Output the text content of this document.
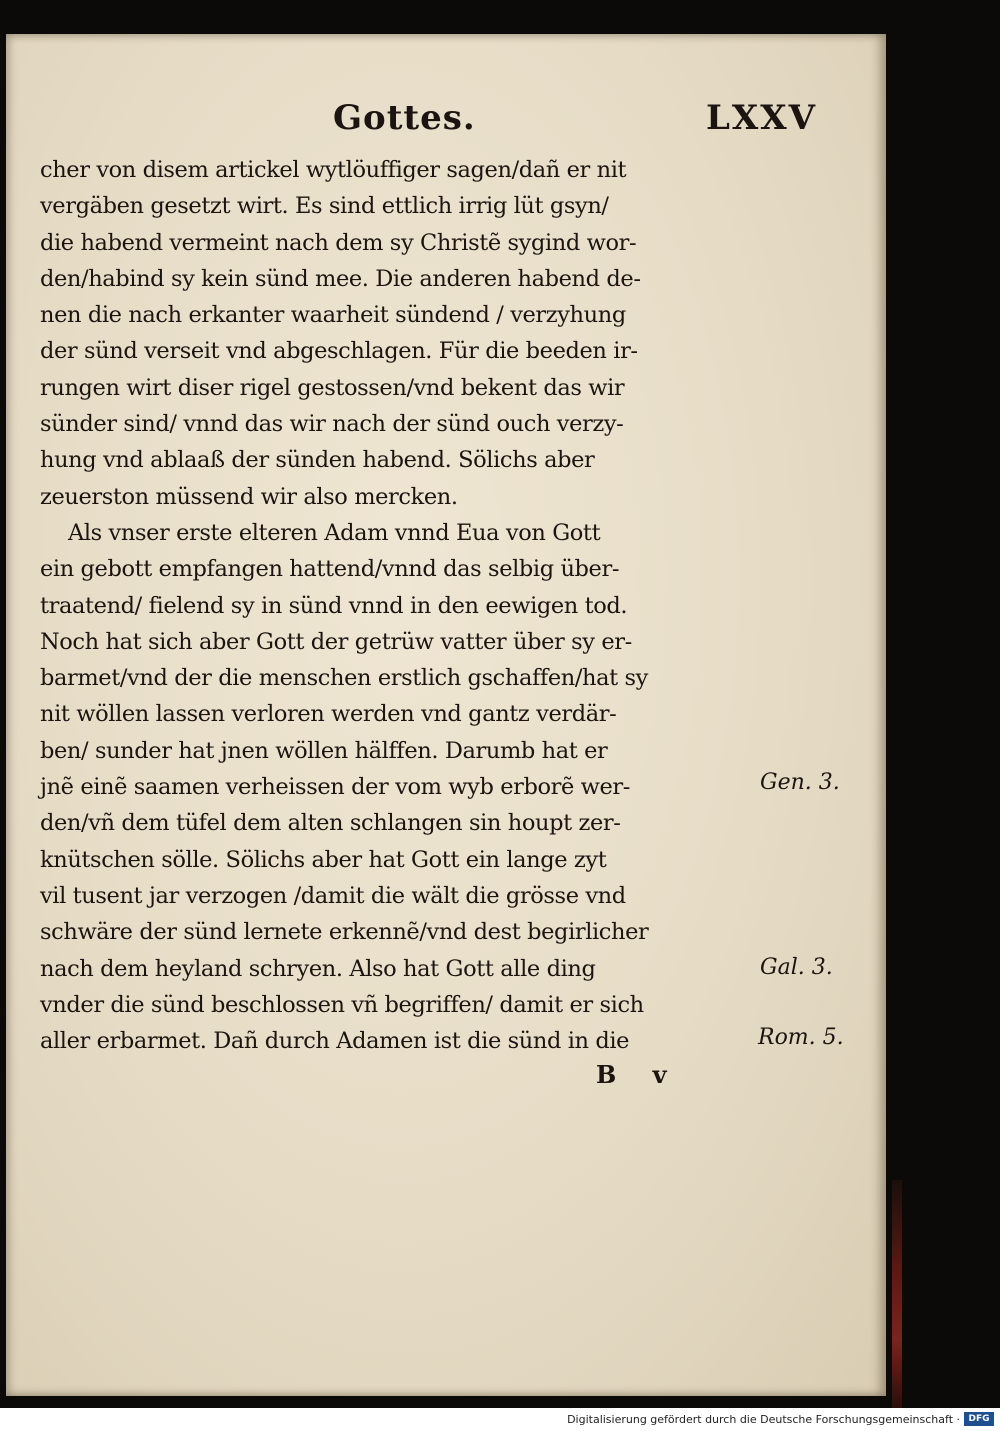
Gottes.	LXXV
cher von disem artickel wytlöuffiger sagen/dañ er nit
vergäben gesetzt wirt. Es sind ettlich irrig lüt gsyn/
die habend vermeint nach dem sy Christẽ sygind wor-
den/habind sy kein sünd mee. Die anderen habend de-
nen die nach erkanter waarheit sündend / verzyhung
der sünd verseit vnd abgeschlagen. Für die beeden ir-
rungen wirt diser rigel gestossen/vnd bekent das wir
sünder sind/ vnnd das wir nach der sünd ouch verzy-
hung vnd ablaaß der sünden habend. Sölichs aber
zeuerston müssend wir also mercken.
Als vnser erste elteren Adam vnnd Eua von Gott
ein gebott empfangen hattend/vnnd das selbig über-
traatend/ fielend sy in sünd vnnd in den eewigen tod.
Noch hat sich aber Gott der getrüw vatter über sy er-
barmet/vnd der die menschen erstlich gschaffen/hat sy
nit wöllen lassen verloren werden vnd gantz verdär-
ben/ sunder hat jnen wöllen hälffen. Darumb hat er
jnẽ einẽ saamen verheissen der vom wyb erborẽ wer-
den/vñ dem tüfel dem alten schlangen sin houpt zer-
knütschen sölle. Sölichs aber hat Gott ein lange zyt
vil tusent jar verzogen /damit die wält die grösse vnd
schwäre der sünd lernete erkennẽ/vnd dest begirlicher
nach dem heyland schryen. Also hat Gott alle ding
vnder die sünd beschlossen vñ begriffen/ damit er sich
aller erbarmet. Dañ durch Adamen ist die sünd in die
Gen. 3.
Gal. 3.
Rom. 5.
B v
Digitalisierung gefördert durch die Deutsche Forschungsgemeinschaft · DFG
